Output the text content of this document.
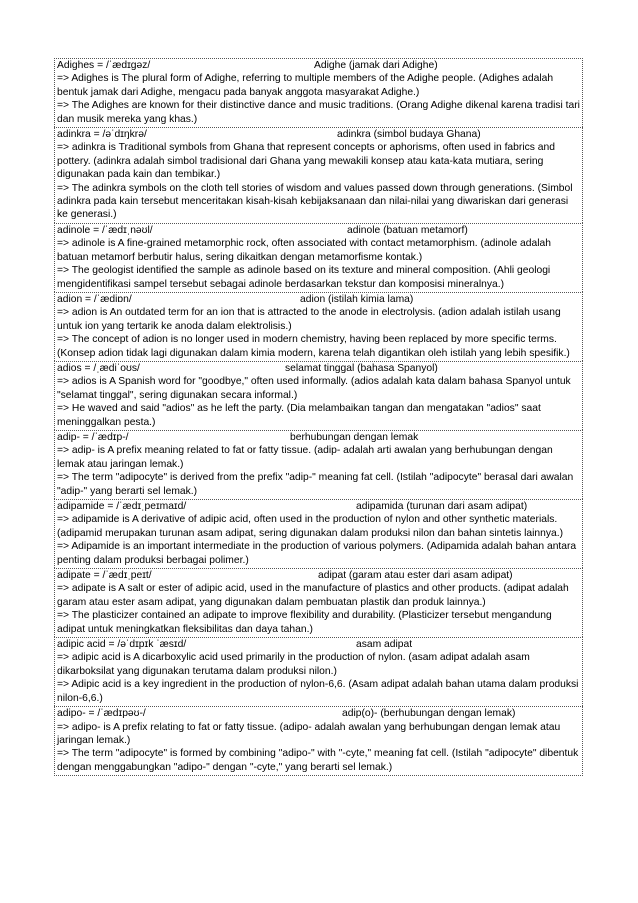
Adighes = /ˈædɪgəz/	Adighe (jamak dari Adighe)
=> Adighes is The plural form of Adighe, referring to multiple members of the Adighe people. (Adighes adalah bentuk jamak dari Adighe, mengacu pada banyak anggota masyarakat Adighe.)
=> The Adighes are known for their distinctive dance and music traditions. (Orang Adighe dikenal karena tradisi tari dan musik mereka yang khas.)
adinkra = /əˈdɪŋkrə/	adinkra (simbol budaya Ghana)
=> adinkra is Traditional symbols from Ghana that represent concepts or aphorisms, often used in fabrics and pottery. (adinkra adalah simbol tradisional dari Ghana yang mewakili konsep atau kata-kata mutiara, sering digunakan pada kain dan tembikar.)
=> The adinkra symbols on the cloth tell stories of wisdom and values passed down through generations. (Simbol adinkra pada kain tersebut menceritakan kisah-kisah kebijaksanaan dan nilai-nilai yang diwariskan dari generasi ke generasi.)
adinole = /ˈædɪˌnəʊl/	adinole (batuan metamorf)
=> adinole is A fine-grained metamorphic rock, often associated with contact metamorphism. (adinole adalah batuan metamorf berbutir halus, sering dikaitkan dengan metamorfisme kontak.)
=> The geologist identified the sample as adinole based on its texture and mineral composition. (Ahli geologi mengidentifikasi sampel tersebut sebagai adinole berdasarkan tekstur dan komposisi mineralnya.)
adion = /ˈædiɒn/	adion (istilah kimia lama)
=> adion is An outdated term for an ion that is attracted to the anode in electrolysis. (adion adalah istilah usang untuk ion yang tertarik ke anoda dalam elektrolisis.)
=> The concept of adion is no longer used in modern chemistry, having been replaced by more specific terms. (Konsep adion tidak lagi digunakan dalam kimia modern, karena telah digantikan oleh istilah yang lebih spesifik.)
adios = /ˌædiˈoʊs/	selamat tinggal (bahasa Spanyol)
=> adios is A Spanish word for "goodbye," often used informally. (adios adalah kata dalam bahasa Spanyol untuk "selamat tinggal", sering digunakan secara informal.)
=> He waved and said "adios" as he left the party. (Dia melambaikan tangan dan mengatakan "adios" saat meninggalkan pesta.)
adip- = /ˈædɪp-/	berhubungan dengan lemak
=> adip- is A prefix meaning related to fat or fatty tissue. (adip- adalah arti awalan yang berhubungan dengan lemak atau jaringan lemak.)
=> The term "adipocyte" is derived from the prefix "adip-" meaning fat cell. (Istilah "adipocyte" berasal dari awalan "adip-" yang berarti sel lemak.)
adipamide = /ˈædɪˌpeɪmaɪd/	adipamida (turunan dari asam adipat)
=> adipamide is A derivative of adipic acid, often used in the production of nylon and other synthetic materials. (adipamid merupakan turunan asam adipat, sering digunakan dalam produksi nilon dan bahan sintetis lainnya.)
=> Adipamide is an important intermediate in the production of various polymers. (Adipamida adalah bahan antara penting dalam produksi berbagai polimer.)
adipate = /ˈædɪˌpeɪt/	adipat (garam atau ester dari asam adipat)
=> adipate is A salt or ester of adipic acid, used in the manufacture of plastics and other products. (adipat adalah garam atau ester asam adipat, yang digunakan dalam pembuatan plastik dan produk lainnya.)
=> The plasticizer contained an adipate to improve flexibility and durability. (Plasticizer tersebut mengandung adipat untuk meningkatkan fleksibilitas dan daya tahan.)
adipic acid = /əˈdɪpɪk ˈæsɪd/	asam adipat
=> adipic acid is A dicarboxylic acid used primarily in the production of nylon. (asam adipat adalah asam dikarboksilat yang digunakan terutama dalam produksi nilon.)
=> Adipic acid is a key ingredient in the production of nylon-6,6. (Asam adipat adalah bahan utama dalam produksi nilon-6,6.)
adipo- = /ˈædɪpəʊ-/	adip(o)- (berhubungan dengan lemak)
=> adipo- is A prefix relating to fat or fatty tissue. (adipo- adalah awalan yang berhubungan dengan lemak atau jaringan lemak.)
=> The term "adipocyte" is formed by combining "adipo-" with "-cyte," meaning fat cell. (Istilah "adipocyte" dibentuk dengan menggabungkan "adipo-" dengan "-cyte," yang berarti sel lemak.)
